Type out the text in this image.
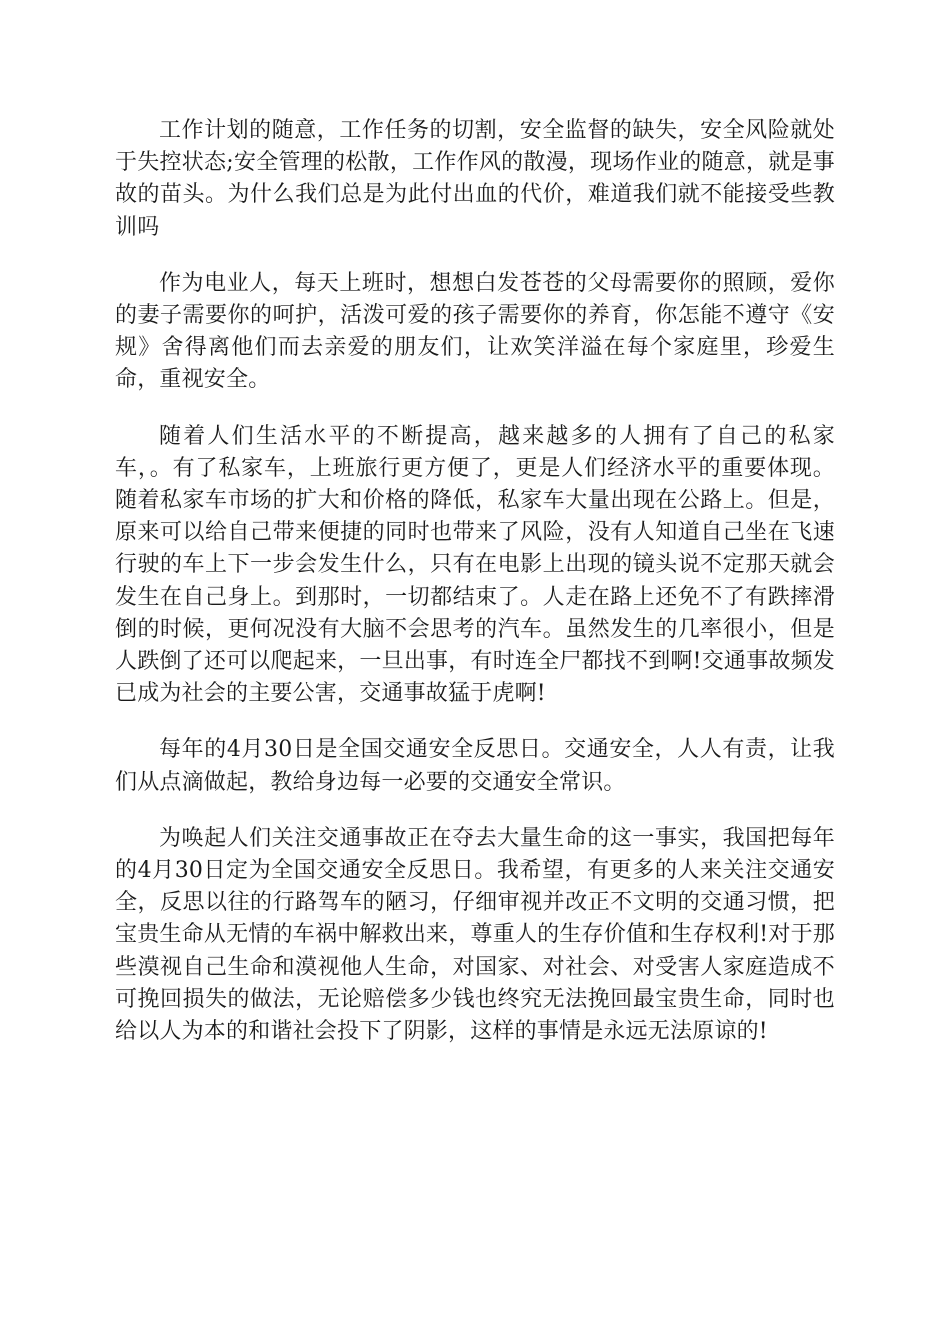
工作计划的随意，工作任务的切割，安全监督的缺失，安全风险就处于失控状态;安全管理的松散，工作作风的散漫，现场作业的随意，就是事故的苗头。为什么我们总是为此付出血的代价，难道我们就不能接受些教训吗

作为电业人，每天上班时，想想白发苍苍的父母需要你的照顾，爱你的妻子需要你的呵护，活泼可爱的孩子需要你的养育，你怎能不遵守《安规》舍得离他们而去亲爱的朋友们，让欢笑洋溢在每个家庭里，珍爱生命，重视安全。

随着人们生活水平的不断提高，越来越多的人拥有了自己的私家车，。有了私家车，上班旅行更方便了，更是人们经济水平的重要体现。随着私家车市场的扩大和价格的降低，私家车大量出现在公路上。但是，原来可以给自己带来便捷的同时也带来了风险，没有人知道自己坐在飞速行驶的车上下一步会发生什么，只有在电影上出现的镜头说不定那天就会发生在自己身上。到那时，一切都结束了。人走在路上还免不了有跌摔滑倒的时候，更何况没有大脑不会思考的汽车。虽然发生的几率很小，但是人跌倒了还可以爬起来，一旦出事，有时连全尸都找不到啊!交通事故频发已成为社会的主要公害，交通事故猛于虎啊!

每年的4月30日是全国交通安全反思日。交通安全，人人有责，让我们从点滴做起，教给身边每一必要的交通安全常识。

为唤起人们关注交通事故正在夺去大量生命的这一事实，我国把每年的4月30日定为全国交通安全反思日。我希望，有更多的人来关注交通安全，反思以往的行路驾车的陋习，仔细审视并改正不文明的交通习惯，把宝贵生命从无情的车祸中解救出来，尊重人的生存价值和生存权利!对于那些漠视自己生命和漠视他人生命，对国家、对社会、对受害人家庭造成不可挽回损失的做法，无论赔偿多少钱也终究无法挽回最宝贵生命，同时也给以人为本的和谐社会投下了阴影，这样的事情是永远无法原谅的!
